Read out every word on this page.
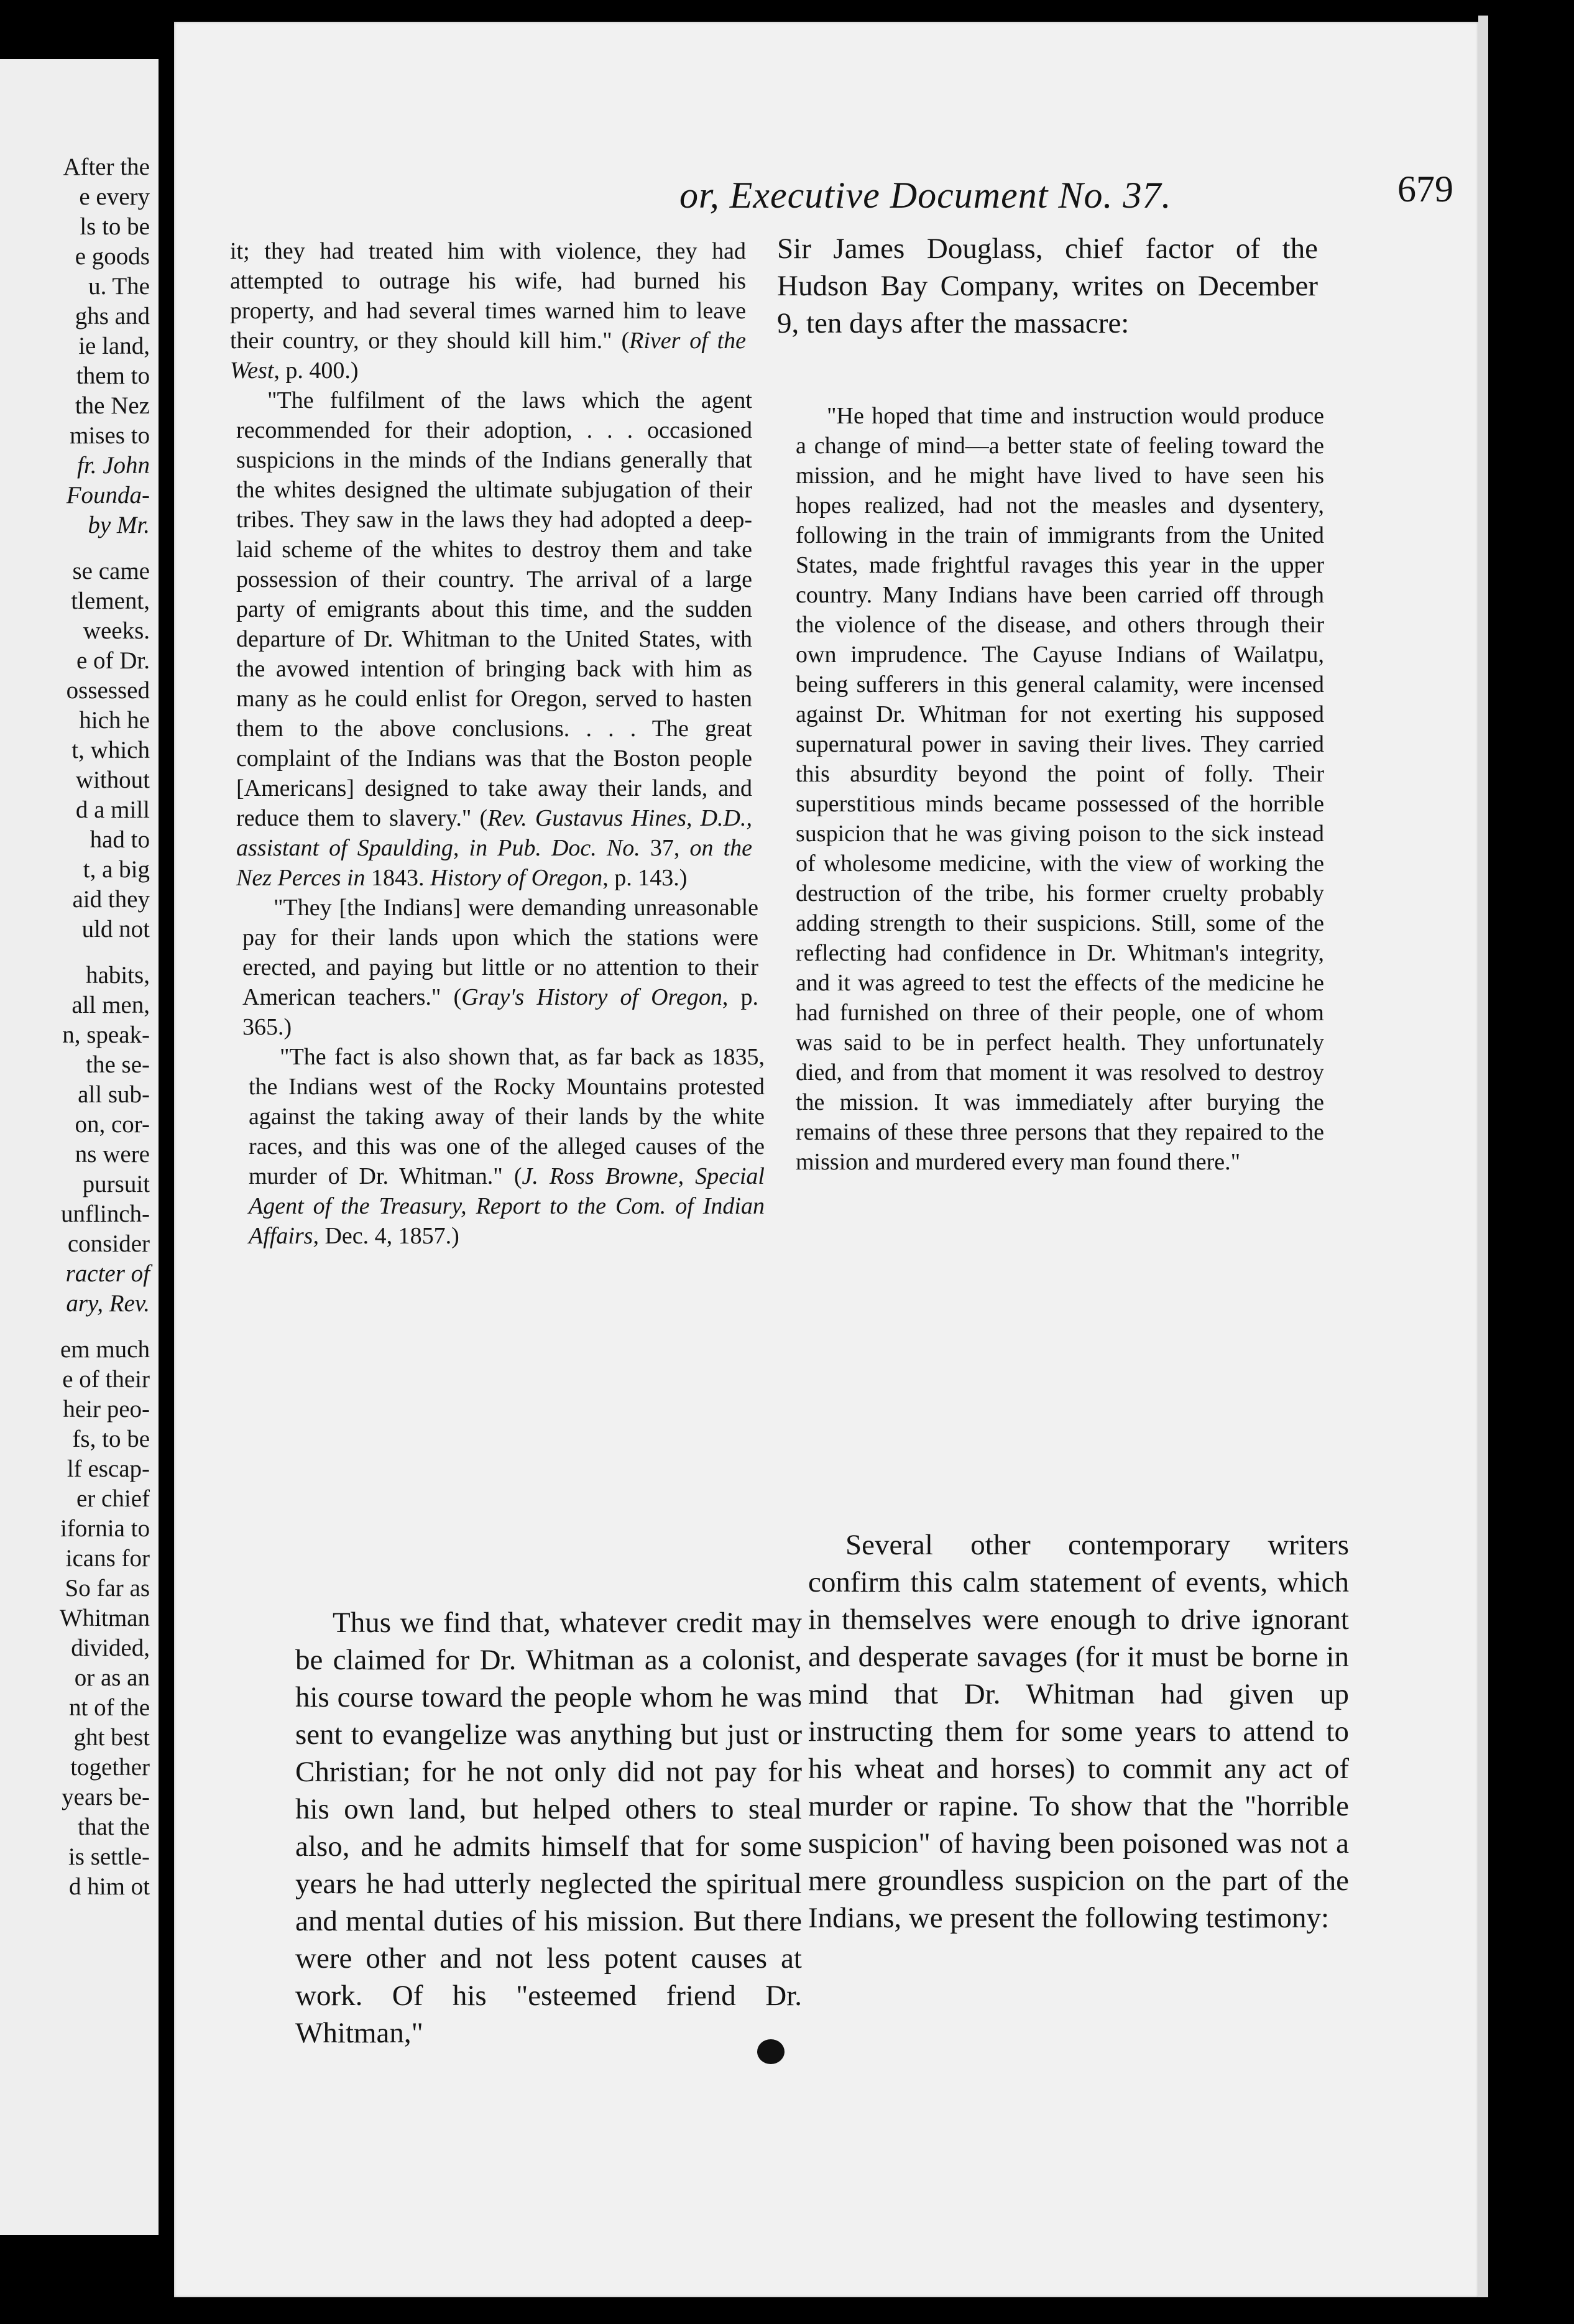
After the
e every
ls to be
e goods
u. The
ghs and
ie land,
them to
the Nez
mises to
fr. John
Founda-
by Mr.
se came
tlement,
weeks.
e of Dr.
ossessed
hich he
t, which
without
d a mill
had to
t, a big
aid they
uld not
habits,
all men,
n, speak-
the se-
all sub-
on, cor-
ns were
pursuit
unflinch-
consider
racter of
ary, Rev.
em much
e of their
heir peo-
fs, to be
lf escap-
er chief
ifornia to
icans for
So far as
Whitman
divided,
or as an
nt of the
ght best
together
years be-
that the
is settle-
d him ot
or, Executive Document No. 37.	679

it; they had treated him with violence, they had attempted to outrage his wife, had burned his property, and had several times warned him to leave their country, or they should kill him." (River of the West, p. 400.)

"The fulfilment of the laws which the agent recommended for their adoption, . . . occasioned suspicions in the minds of the Indians generally that the whites designed the ultimate subjugation of their tribes. They saw in the laws they had adopted a deep-laid scheme of the whites to destroy them and take possession of their country. The arrival of a large party of emigrants about this time, and the sudden departure of Dr. Whitman to the United States, with the avowed intention of bringing back with him as many as he could enlist for Oregon, served to hasten them to the above conclusions. . . . The great complaint of the Indians was that the Boston people [Americans] designed to take away their lands, and reduce them to slavery." (Rev. Gustavus Hines, D.D., assistant of Spaulding, in Pub. Doc. No. 37, on the Nez Perces in 1843. History of Oregon, p. 143.)

"They [the Indians] were demanding unreasonable pay for their lands upon which the stations were erected, and paying but little or no attention to their American teachers." (Gray's History of Oregon, p. 365.)

"The fact is also shown that, as far back as 1835, the Indians west of the Rocky Mountains protested against the taking away of their lands by the white races, and this was one of the alleged causes of the murder of Dr. Whitman." (J. Ross Browne, Special Agent of the Treasury, Report to the Com. of Indian Affairs, Dec. 4, 1857.)

Thus we find that, whatever credit may be claimed for Dr. Whitman as a colonist, his course toward the people whom he was sent to evangelize was anything but just or Christian; for he not only did not pay for his own land, but helped others to steal also, and he admits himself that for some years he had utterly neglected the spiritual and mental duties of his mission. But there were other and not less potent causes at work. Of his "esteemed friend Dr. Whitman,"
Sir James Douglass, chief factor of the Hudson Bay Company, writes on December 9, ten days after the massacre:
"He hoped that time and instruction would produce a change of mind—a better state of feeling toward the mission, and he might have lived to have seen his hopes realized, had not the measles and dysentery, following in the train of immigrants from the United States, made frightful ravages this year in the upper country. Many Indians have been carried off through the violence of the disease, and others through their own imprudence. The Cayuse Indians of Wailatpu, being sufferers in this general calamity, were incensed against Dr. Whitman for not exerting his supposed supernatural power in saving their lives. They carried this absurdity beyond the point of folly. Their superstitious minds became possessed of the horrible suspicion that he was giving poison to the sick instead of wholesome medicine, with the view of working the destruction of the tribe, his former cruelty probably adding strength to their suspicions. Still, some of the reflecting had confidence in Dr. Whitman's integrity, and it was agreed to test the effects of the medicine he had furnished on three of their people, one of whom was said to be in perfect health. They unfortunately died, and from that moment it was resolved to destroy the mission. It was immediately after burying the remains of these three persons that they repaired to the mission and murdered every man found there."
Several other contemporary writers confirm this calm statement of events, which in themselves were enough to drive ignorant and desperate savages (for it must be borne in mind that Dr. Whitman had given up instructing them for some years to attend to his wheat and horses) to commit any act of murder or rapine. To show that the "horrible suspicion" of having been poisoned was not a mere groundless suspicion on the part of the Indians, we present the following testimony:
